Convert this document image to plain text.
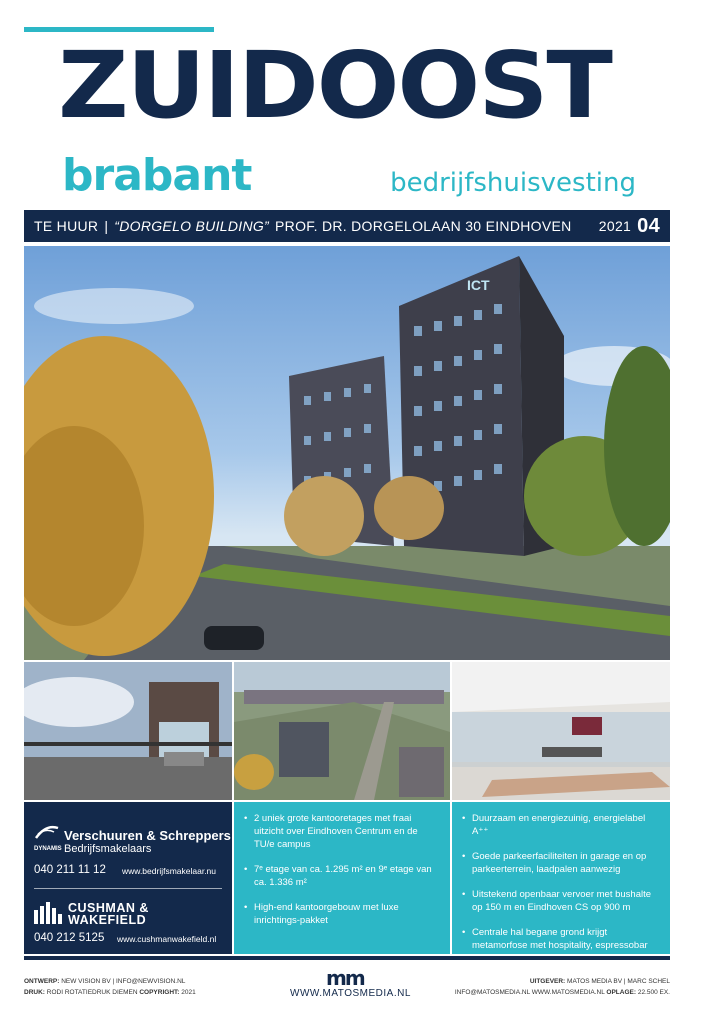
ZUIDOOST
brabant	bedrijfshuisvesting
TE HUUR | “DORGELO BUILDING” PROF. DR. DORGELOLAAN 30 EINDHOVEN 2021 04
ICT
Verschuuren & Schreppers
DYNAMIS Bedrijfsmakelaars
040 211 11 12 www.bedrijfsmakelaar.nu
CUSHMAN &
WAKEFIELD
040 212 5125 www.cushmanwakefield.nl
• 2 uniek grote kantooretages met fraai uitzicht over Eindhoven Centrum en de TU/e campus
• 7ᵉ etage van ca. 1.295 m² en 9ᵉ etage van ca. 1.336 m²
• High-end kantoorgebouw met luxe inrichtings-pakket
• Duurzaam en energiezuinig, energielabel A⁺⁺
• Goede parkeerfaciliteiten in garage en op parkeerterrein, laadpalen aanwezig
• Uitstekend openbaar vervoer met bushalte op 150 m en Eindhoven CS op 900 m
• Centrale hal begane grond krijgt metamorfose met hospitality, espressobar
ONTWERP: NEW VISION BV | INFO@NEWVISION.NL
DRUK: RODI ROTATIEDRUK DIEMEN COPYRIGHT: 2021
mm
WWW.MATOSMEDIA.NL
UITGEVER: MATOS MEDIA BV | MARC SCHEL
INFO@MATOSMEDIA.NL WWW.MATOSMEDIA.NL OPLAGE: 22.500 EX.
